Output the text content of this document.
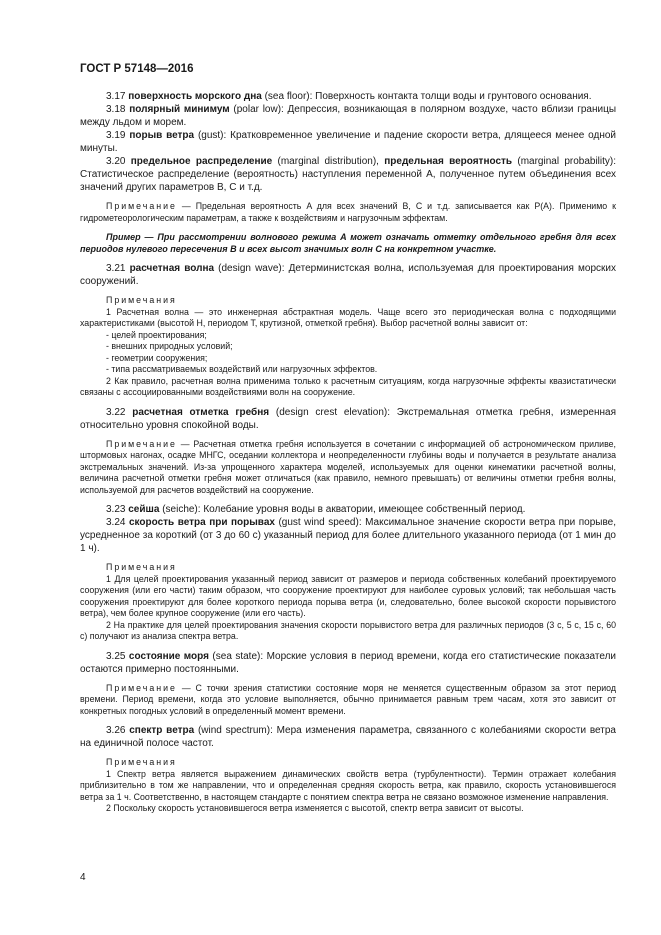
ГОСТ Р 57148—2016

3.17 поверхность морского дна (sea floor): Поверхность контакта толщи воды и грунтового основания.

3.18 полярный минимум (polar low): Депрессия, возникающая в полярном воздухе, часто вблизи границы между льдом и морем.

3.19 порыв ветра (gust): Кратковременное увеличение и падение скорости ветра, длящееся менее одной минуты.

3.20 предельное распределение (marginal distribution), предельная вероятность (marginal probability): Статистическое распределение (вероятность) наступления переменной A, полученное путем объединения всех значений других параметров B, C и т.д.

Примечание — Предельная вероятность A для всех значений B, C и т.д. записывается как P(A). Применимо к гидрометеорологическим параметрам, а также к воздействиям и нагрузочным эффектам.

Пример — При рассмотрении волнового режима A может означать отметку отдельного гребня для всех периодов нулевого пересечения B и всех высот значимых волн C на конкретном участке.

3.21 расчетная волна (design wave): Детерминистская волна, используемая для проектирования морских сооружений.

Примечания

1 Расчетная волна — это инженерная абстрактная модель. Чаще всего это периодическая волна с подходящими характеристиками (высотой H, периодом T, крутизной, отметкой гребня). Выбор расчетной волны зависит от:

- целей проектирования;

- внешних природных условий;

- геометрии сооружения;

- типа рассматриваемых воздействий или нагрузочных эффектов.

2 Как правило, расчетная волна применима только к расчетным ситуациям, когда нагрузочные эффекты квазистатически связаны с ассоциированными воздействиями волн на сооружение.

3.22 расчетная отметка гребня (design crest elevation): Экстремальная отметка гребня, измеренная относительно уровня спокойной воды.

Примечание — Расчетная отметка гребня используется в сочетании с информацией об астрономическом приливе, штормовых нагонах, осадке МНГС, оседании коллектора и неопределенности глубины воды и получается в результате анализа экстремальных значений. Из-за упрощенного характера моделей, используемых для оценки кинематики расчетной волны, величина расчетной отметки гребня может отличаться (как правило, немного превышать) от величины отметки гребня волны, используемой для расчетов воздействий на сооружение.

3.23 сейша (seiche): Колебание уровня воды в акватории, имеющее собственный период.

3.24 скорость ветра при порывах (gust wind speed): Максимальное значение скорости ветра при порыве, усредненное за короткий (от 3 до 60 с) указанный период для более длительного указанного периода (от 1 мин до 1 ч).

Примечания

1 Для целей проектирования указанный период зависит от размеров и периода собственных колебаний проектируемого сооружения (или его части) таким образом, что сооружение проектируют для наиболее суровых условий; так небольшая часть сооружения проектируют для более короткого периода порыва ветра (и, следовательно, более высокой скорости порывистого ветра), чем более крупное сооружение (или его часть).

2 На практике для целей проектирования значения скорости порывистого ветра для различных периодов (3 с, 5 с, 15 с, 60 с) получают из анализа спектра ветра.

3.25 состояние моря (sea state): Морские условия в период времени, когда его статистические показатели остаются примерно постоянными.

Примечание — С точки зрения статистики состояние моря не меняется существенным образом за этот период времени. Период времени, когда это условие выполняется, обычно принимается равным трем часам, хотя это зависит от конкретных погодных условий в определенный момент времени.

3.26 спектр ветра (wind spectrum): Мера изменения параметра, связанного с колебаниями скорости ветра на единичной полосе частот.

Примечания

1 Спектр ветра является выражением динамических свойств ветра (турбулентности). Термин отражает колебания приблизительно в том же направлении, что и определенная средняя скорость ветра, как правило, скорость установившегося ветра за 1 ч. Соответственно, в настоящем стандарте с понятием спектра ветра не связано возможное изменение направления.

2 Поскольку скорость установившегося ветра изменяется с высотой, спектр ветра зависит от высоты.

4
